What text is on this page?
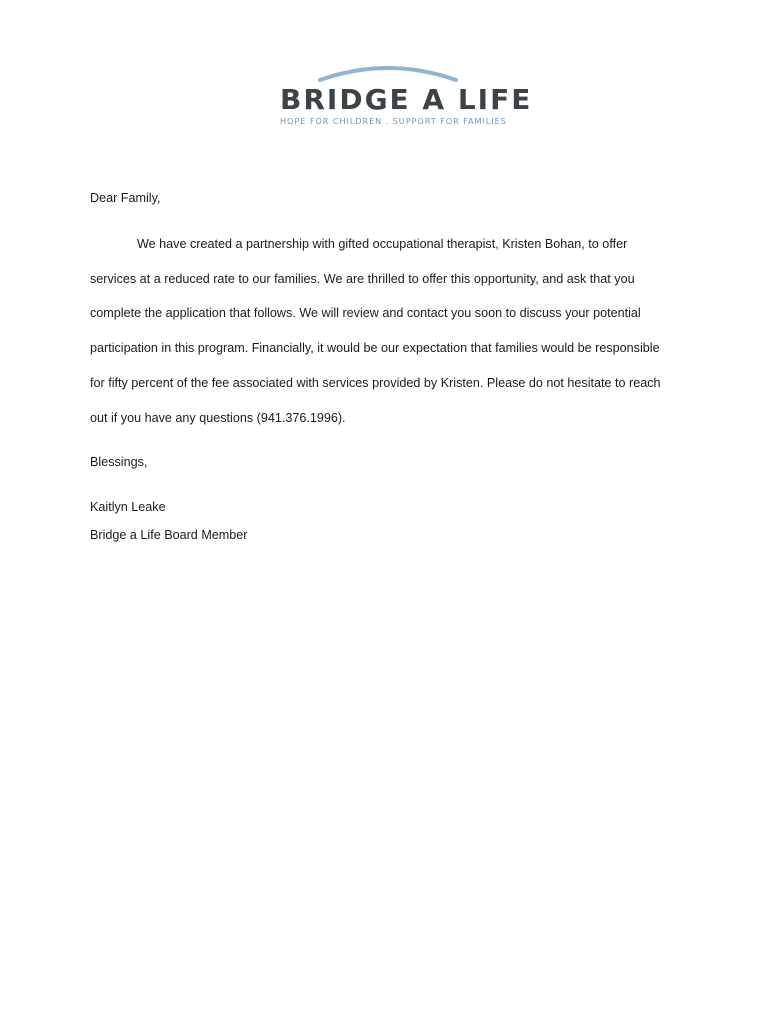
BRIDGE A LIFE
HOPE FOR CHILDREN . SUPPORT FOR FAMILIES
Dear Family,
We have created a partnership with gifted occupational therapist, Kristen Bohan, to offer
services at a reduced rate to our families. We are thrilled to offer this opportunity, and ask that you
complete the application that follows. We will review and contact you soon to discuss your potential
participation in this program. Financially, it would be our expectation that families would be responsible
for fifty percent of the fee associated with services provided by Kristen. Please do not hesitate to reach
out if you have any questions (941.376.1996).
Blessings,
Kaitlyn Leake
Bridge a Life Board Member
